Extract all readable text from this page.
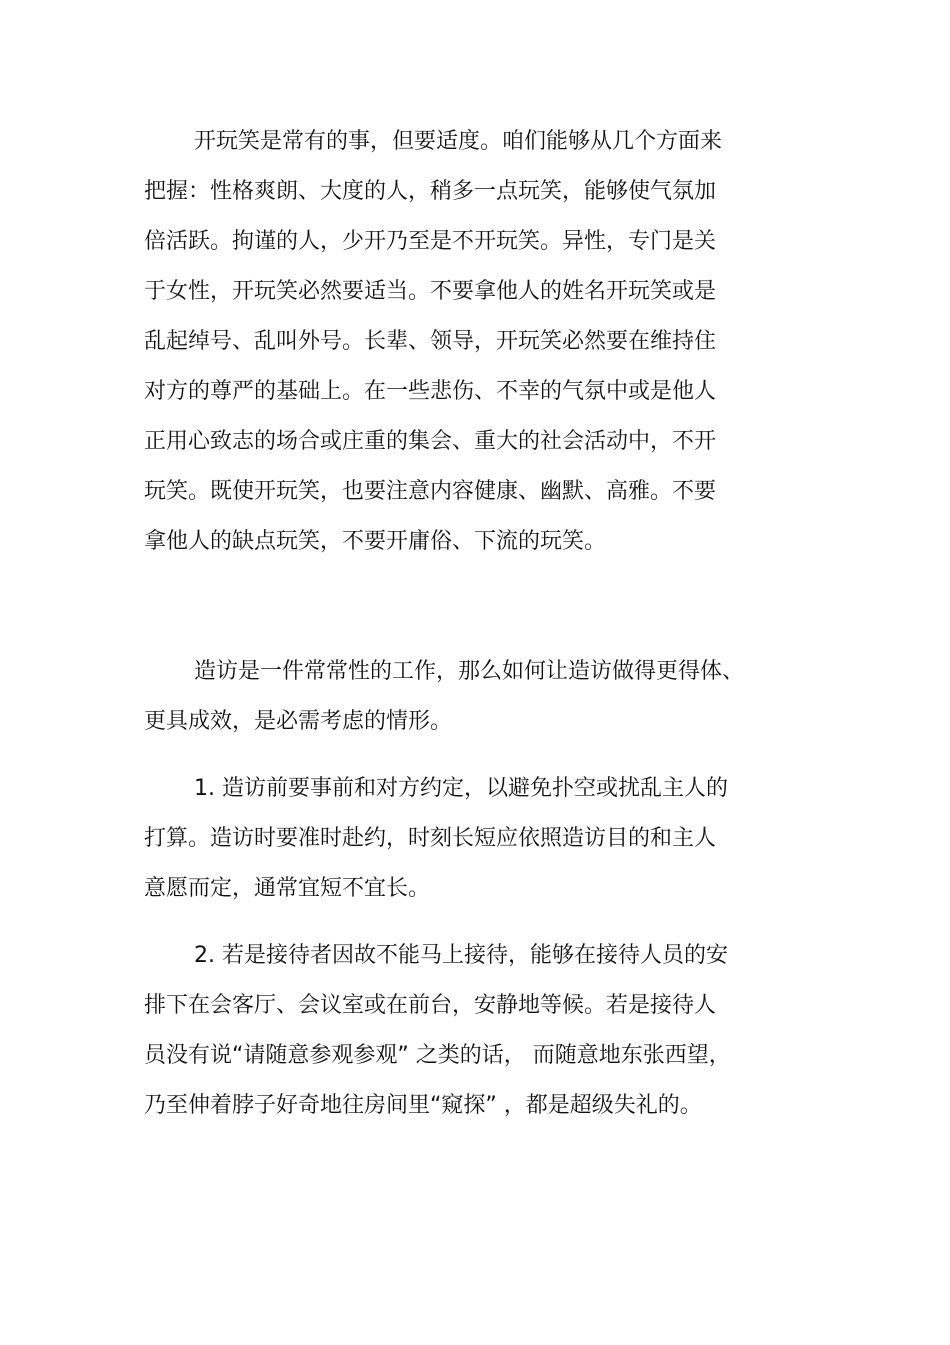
开玩笑是常有的事，但要适度。咱们能够从几个方面来
把握：性格爽朗、大度的人，稍多一点玩笑，能够使气氛加
倍活跃。拘谨的人，少开乃至是不开玩笑。异性，专门是关
于女性，开玩笑必然要适当。不要拿他人的姓名开玩笑或是
乱起绰号、乱叫外号。长辈、领导，开玩笑必然要在维持住
对方的尊严的基础上。在一些悲伤、不幸的气氛中或是他人
正用心致志的场合或庄重的集会、重大的社会活动中，不开
玩笑。既使开玩笑，也要注意内容健康、幽默、高雅。不要
拿他人的缺点玩笑，不要开庸俗、下流的玩笑。
造访是一件常常性的工作，那么如何让造访做得更得体、
更具成效，是必需考虑的情形。
1. 造访前要事前和对方约定，以避免扑空或扰乱主人的
打算。造访时要准时赴约，时刻长短应依照造访目的和主人
意愿而定，通常宜短不宜长。
2. 若是接待者因故不能马上接待，能够在接待人员的安
排下在会客厅、会议室或在前台，安静地等候。若是接待人
员没有说“请随意参观参观” 之类的话， 而随意地东张西望，
乃至伸着脖子好奇地往房间里“窥探” ，都是超级失礼的。
